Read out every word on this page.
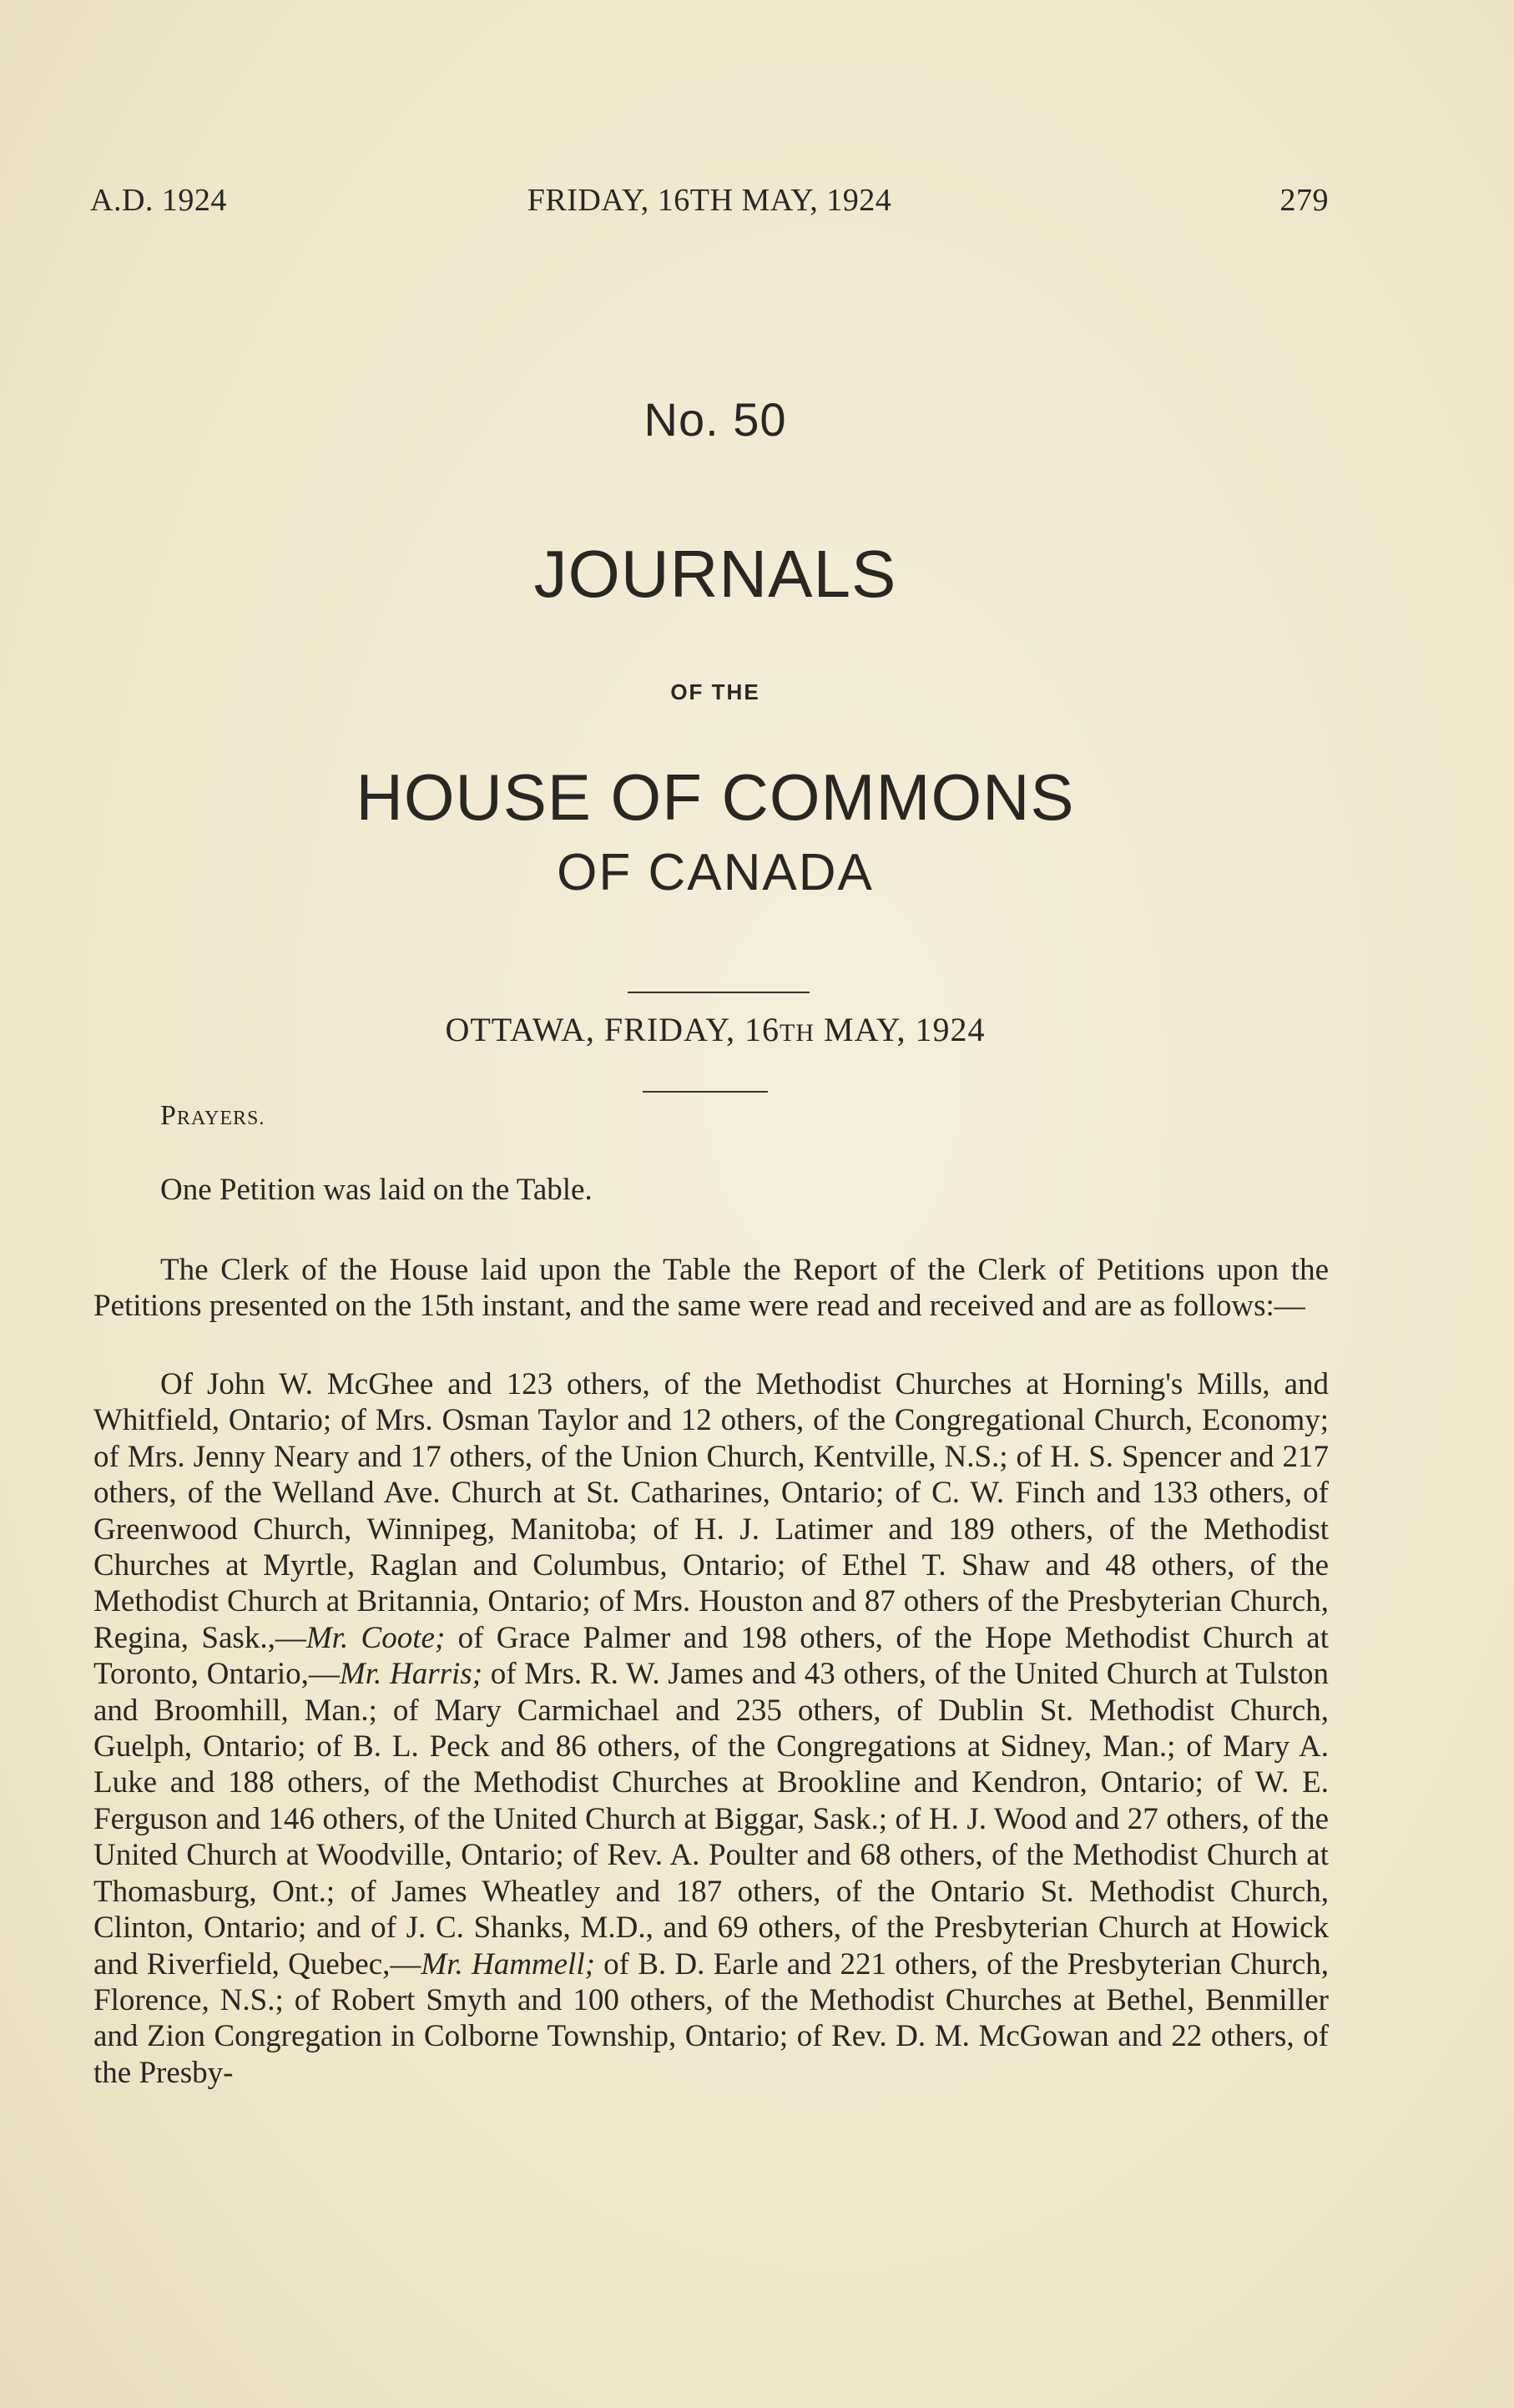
A.D. 1924	FRIDAY, 16TH MAY, 1924	279
No. 50
JOURNALS
OF THE
HOUSE OF COMMONS
OF CANADA
OTTAWA, FRIDAY, 16TH MAY, 1924
PRAYERS.
One Petition was laid on the Table.
The Clerk of the House laid upon the Table the Report of the Clerk of Petitions upon the Petitions presented on the 15th instant, and the same were read and received and are as follows:—
Of John W. McGhee and 123 others, of the Methodist Churches at Horning's Mills, and Whitfield, Ontario; of Mrs. Osman Taylor and 12 others, of the Congregational Church, Economy; of Mrs. Jenny Neary and 17 others, of the Union Church, Kentville, N.S.; of H. S. Spencer and 217 others, of the Welland Ave. Church at St. Catharines, Ontario; of C. W. Finch and 133 others, of Greenwood Church, Winnipeg, Manitoba; of H. J. Latimer and 189 others, of the Methodist Churches at Myrtle, Raglan and Columbus, Ontario; of Ethel T. Shaw and 48 others, of the Methodist Church at Britannia, Ontario; of Mrs. Houston and 87 others of the Presbyterian Church, Regina, Sask.,—Mr. Coote; of Grace Palmer and 198 others, of the Hope Methodist Church at Toronto, Ontario,—Mr. Harris; of Mrs. R. W. James and 43 others, of the United Church at Tulston and Broomhill, Man.; of Mary Carmichael and 235 others, of Dublin St. Methodist Church, Guelph, Ontario; of B. L. Peck and 86 others, of the Congregations at Sidney, Man.; of Mary A. Luke and 188 others, of the Methodist Churches at Brookline and Kendron, Ontario; of W. E. Ferguson and 146 others, of the United Church at Biggar, Sask.; of H. J. Wood and 27 others, of the United Church at Woodville, Ontario; of Rev. A. Poulter and 68 others, of the Methodist Church at Thomasburg, Ont.; of James Wheatley and 187 others, of the Ontario St. Methodist Church, Clinton, Ontario; and of J. C. Shanks, M.D., and 69 others, of the Presbyterian Church at Howick and Riverfield, Quebec,—Mr. Hammell; of B. D. Earle and 221 others, of the Presbyterian Church, Florence, N.S.; of Robert Smyth and 100 others, of the Methodist Churches at Bethel, Benmiller and Zion Congregation in Colborne Township, Ontario; of Rev. D. M. McGowan and 22 others, of the Presby-
